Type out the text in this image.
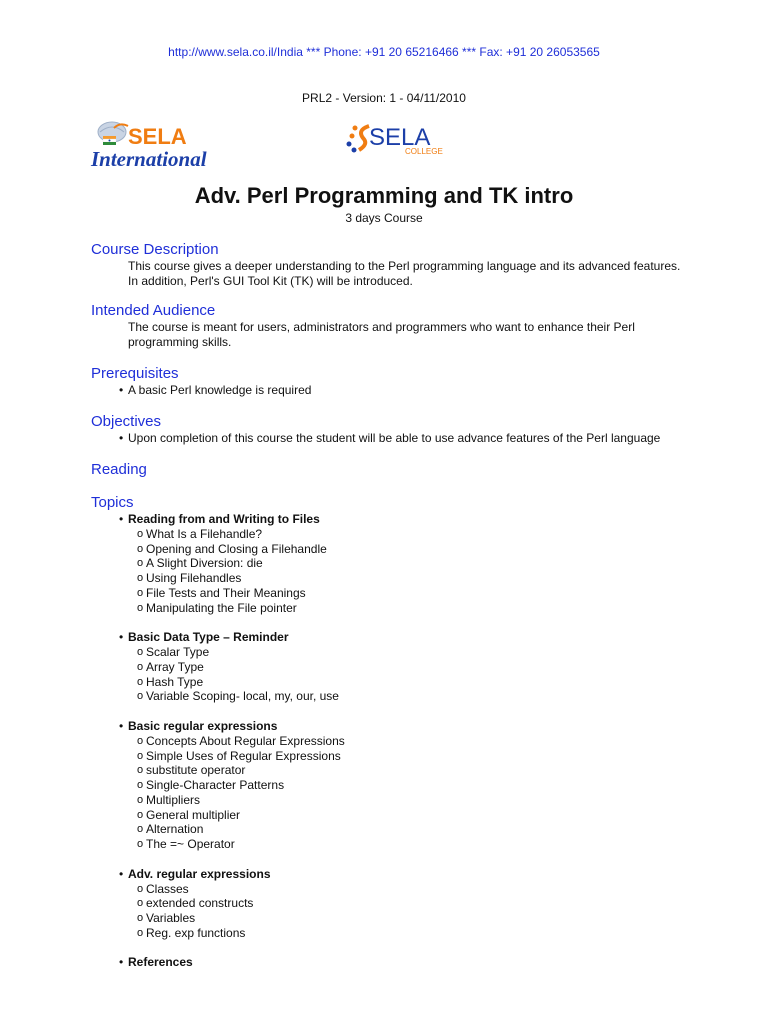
http://www.sela.co.il/India *** Phone: +91 20 65216466 *** Fax: +91 20 26053565
PRL2 - Version: 1 - 04/11/2010
SELA
International
SELA
COLLEGE
Adv. Perl Programming and TK intro
3 days Course
Course Description

This course gives a deeper understanding to the Perl programming language and its advanced features. In addition, Perl's GUI Tool Kit (TK) will be introduced.

Intended Audience

The course is meant for users, administrators and programmers who want to enhance their Perl programming skills.

Prerequisites
• A basic Perl knowledge is required
Objectives
• Upon completion of this course the student will be able to use advance features of the Perl language
Reading
Topics
• Reading from and Writing to Files
o What Is a Filehandle?
o Opening and Closing a Filehandle
o A Slight Diversion: die
o Using Filehandles
o File Tests and Their Meanings
o Manipulating the File pointer
• Basic Data Type – Reminder
o Scalar Type
o Array Type
o Hash Type
o Variable Scoping- local, my, our, use
• Basic regular expressions
o Concepts About Regular Expressions
o Simple Uses of Regular Expressions
o substitute operator
o Single-Character Patterns
o Multipliers
o General multiplier
o Alternation
o The =~ Operator
• Adv. regular expressions
o Classes
o extended constructs
o Variables
o Reg. exp functions
• References
